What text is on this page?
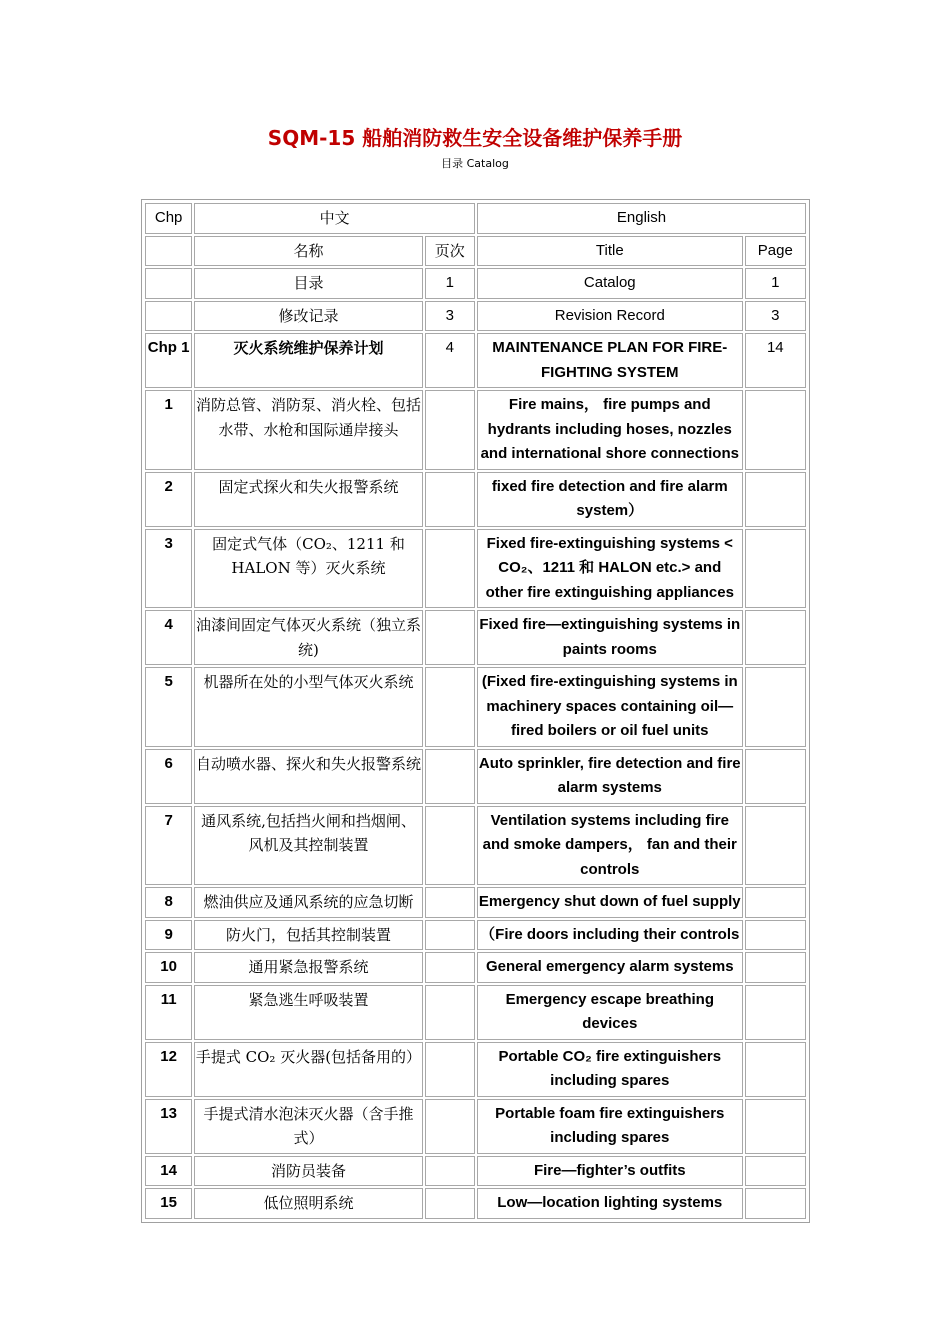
SQM-15 船舶消防救生安全设备维护保养手册
目录 Catalog
Chp	中文		English	
	名称	页次	Title	Page
	目录	1	Catalog	1
	修改记录	3	Revision Record	3
Chp 1	灭火系统维护保养计划	4	MAINTENANCE PLAN FOR FIRE-FIGHTING SYSTEM	14
1	消防总管、消防泵、消火栓、包括水带、水枪和国际通岸接头		Fire mains， fire pumps and hydrants including hoses, nozzles and international shore connections	
2	固定式探火和失火报警系统		fixed fire detection and fire alarm system）	
3	固定式气体（CO₂、1211 和 HALON 等）灭火系统		Fixed fire-extinguishing systems < CO₂、1211 和 HALON etc.> and other fire extinguishing appliances	
4	油漆间固定气体灭火系统（独立系统)		Fixed fire—extinguishing systems in paints rooms	
5	机器所在处的小型气体灭火系统		(Fixed fire-extinguishing systems in machinery spaces containing oil—fired boilers or oil fuel units	
6	自动喷水器、探火和失火报警系统		Auto sprinkler, fire detection and fire alarm systems	
7	通风系统,包括挡火闸和挡烟闸、风机及其控制装置		Ventilation systems including fire and smoke dampers， fan and their controls	
8	燃油供应及通风系统的应急切断		Emergency shut down of fuel supply	
9	防火门，包括其控制装置		（Fire doors including their controls	
10	通用紧急报警系统		General emergency alarm systems	
11	紧急逃生呼吸装置		Emergency escape breathing devices	
12	手提式 CO₂ 灭火器(包括备用的）		Portable CO₂ fire extinguishers including spares	
13	手提式清水泡沫灭火器（含手推式）		Portable foam fire extinguishers including spares	
14	消防员装备		Fire—fighter’s outfits	
15	低位照明系统		Low—location lighting systems	
